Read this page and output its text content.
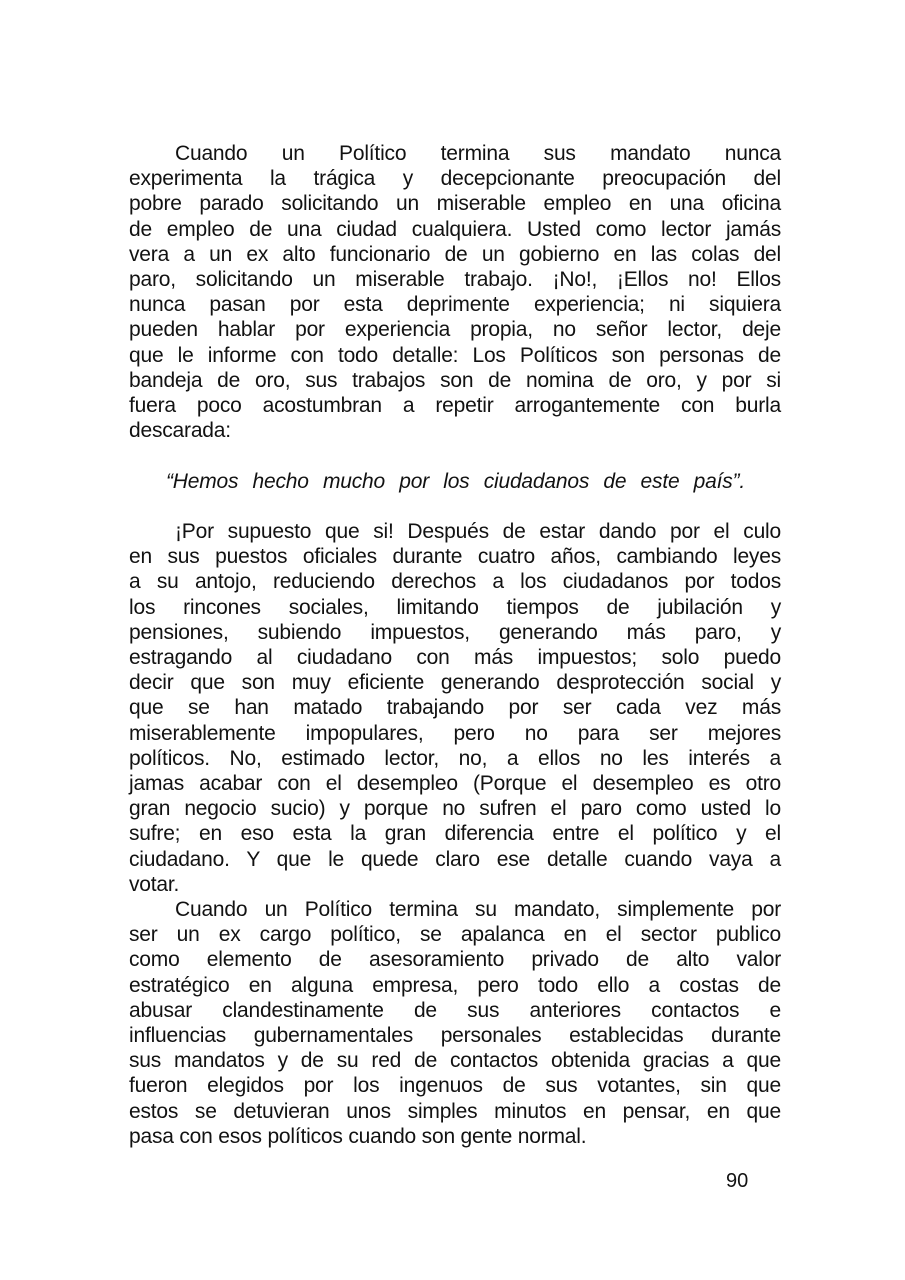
Cuando un Político termina sus mandato nunca
experimenta la trágica y decepcionante preocupación del
pobre parado solicitando un miserable empleo en una oficina
de empleo de una ciudad cualquiera. Usted como lector jamás
vera a un ex alto funcionario de un gobierno en las colas del
paro, solicitando un miserable trabajo. ¡No!, ¡Ellos no! Ellos
nunca pasan por esta deprimente experiencia; ni siquiera
pueden hablar por experiencia propia, no señor lector, deje
que le informe con todo detalle: Los Políticos son personas de
bandeja de oro, sus trabajos son de nomina de oro, y por si
fuera poco acostumbran a repetir arrogantemente con burla
descarada:
“Hemos hecho mucho por los ciudadanos de este país”.
¡Por supuesto que si! Después de estar dando por el culo
en sus puestos oficiales durante cuatro años, cambiando leyes
a su antojo, reduciendo derechos a los ciudadanos por todos
los rincones sociales, limitando tiempos de jubilación y
pensiones, subiendo impuestos, generando más paro, y
estragando al ciudadano con más impuestos; solo puedo
decir que son muy eficiente generando desprotección social y
que se han matado trabajando por ser cada vez más
miserablemente impopulares, pero no para ser mejores
políticos. No, estimado lector, no, a ellos no les interés a
jamas acabar con el desempleo (Porque el desempleo es otro
gran negocio sucio) y porque no sufren el paro como usted lo
sufre; en eso esta la gran diferencia entre el político y el
ciudadano. Y que le quede claro ese detalle cuando vaya a
votar.
Cuando un Político termina su mandato, simplemente por
ser un ex cargo político, se apalanca en el sector publico
como elemento de asesoramiento privado de alto valor
estratégico en alguna empresa, pero todo ello a costas de
abusar clandestinamente de sus anteriores contactos e
influencias gubernamentales personales establecidas durante
sus mandatos y de su red de contactos obtenida gracias a que
fueron elegidos por los ingenuos de sus votantes, sin que
estos se detuvieran unos simples minutos en pensar, en que
pasa con esos políticos cuando son gente normal.
90
